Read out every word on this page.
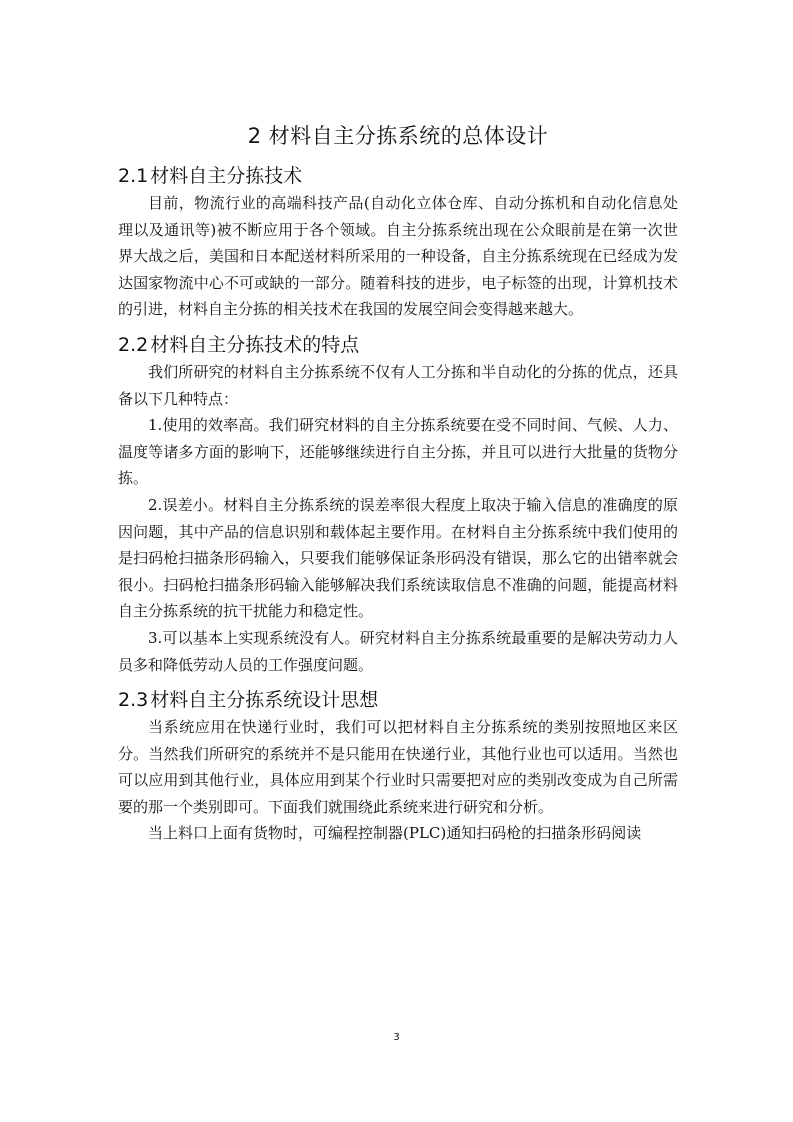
2 材料自主分拣系统的总体设计
2.1 材料自主分拣技术

目前，物流行业的高端科技产品(自动化立体仓库、自动分拣机和自动化信息处理以及通讯等)被不断应用于各个领域。自主分拣系统出现在公众眼前是在第一次世界大战之后，美国和日本配送材料所采用的一种设备，自主分拣系统现在已经成为发达国家物流中心不可或缺的一部分。随着科技的进步，电子标签的出现，计算机技术的引进，材料自主分拣的相关技术在我国的发展空间会变得越来越大。

2.2 材料自主分拣技术的特点

我们所研究的材料自主分拣系统不仅有人工分拣和半自动化的分拣的优点，还具备以下几种特点：

1.使用的效率高。我们研究材料的自主分拣系统要在受不同时间、气候、人力、温度等诸多方面的影响下，还能够继续进行自主分拣，并且可以进行大批量的货物分拣。

2.误差小。材料自主分拣系统的误差率很大程度上取决于输入信息的准确度的原因问题，其中产品的信息识别和载体起主要作用。在材料自主分拣系统中我们使用的是扫码枪扫描条形码输入，只要我们能够保证条形码没有错误，那么它的出错率就会很小。扫码枪扫描条形码输入能够解决我们系统读取信息不准确的问题，能提高材料自主分拣系统的抗干扰能力和稳定性。

3.可以基本上实现系统没有人。研究材料自主分拣系统最重要的是解决劳动力人员多和降低劳动人员的工作强度问题。

2.3 材料自主分拣系统设计思想

当系统应用在快递行业时，我们可以把材料自主分拣系统的类别按照地区来区分。当然我们所研究的系统并不是只能用在快递行业，其他行业也可以适用。当然也可以应用到其他行业，具体应用到某个行业时只需要把对应的类别改变成为自己所需要的那一个类别即可。下面我们就围绕此系统来进行研究和分析。

当上料口上面有货物时，可编程控制器(PLC)通知扫码枪的扫描条形码阅读

3
